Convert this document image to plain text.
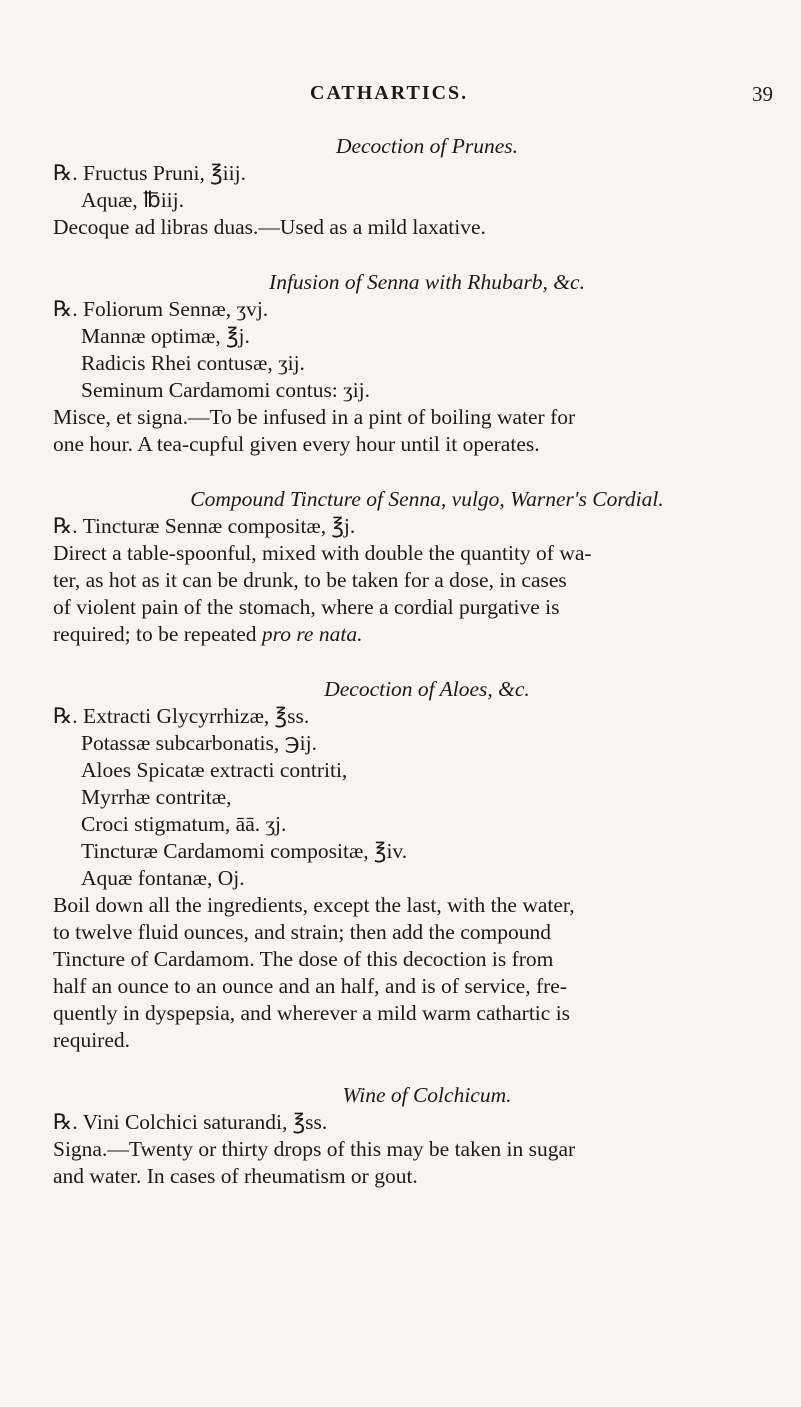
CATHARTICS.	39

Decoction of Prunes.

℞. Fructus Pruni, ℥iij.

Aquæ, ℔iij.

Decoque ad libras duas.—Used as a mild laxative.

Infusion of Senna with Rhubarb, &c.

℞. Foliorum Sennæ, ʒvj.

Mannæ optimæ, ℥j.

Radicis Rhei contusæ, ʒij.

Seminum Cardamomi contus: ʒij.

Misce, et signa.—To be infused in a pint of boiling water for
one hour. A tea-cupful given every hour until it operates.

Compound Tincture of Senna, vulgo, Warner's Cordial.

℞. Tincturæ Sennæ compositæ, ℥j.

Direct a table-spoonful, mixed with double the quantity of wa-
ter, as hot as it can be drunk, to be taken for a dose, in cases
of violent pain of the stomach, where a cordial purgative is
required; to be repeated pro re nata.

Decoction of Aloes, &c.

℞. Extracti Glycyrrhizæ, ℥ss.

Potassæ subcarbonatis, ℈ij.

Aloes Spicatæ extracti contriti,

Myrrhæ contritæ,

Croci stigmatum, āā. ʒj.

Tincturæ Cardamomi compositæ, ℥iv.

Aquæ fontanæ, Oj.

Boil down all the ingredients, except the last, with the water,
to twelve fluid ounces, and strain; then add the compound
Tincture of Cardamom. The dose of this decoction is from
half an ounce to an ounce and an half, and is of service, fre-
quently in dyspepsia, and wherever a mild warm cathartic is
required.

Wine of Colchicum.

℞. Vini Colchici saturandi, ℥ss.

Signa.—Twenty or thirty drops of this may be taken in sugar
and water. In cases of rheumatism or gout.
